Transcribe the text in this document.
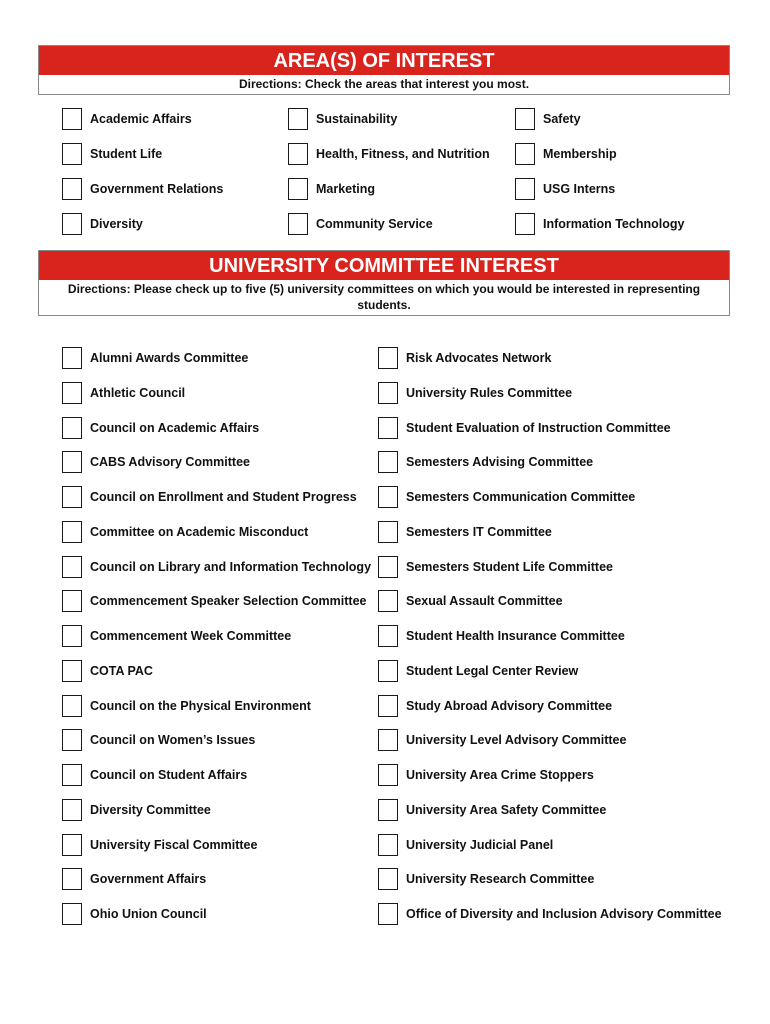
AREA(S) OF INTEREST
Directions: Check the areas that interest you most.
Academic Affairs	Sustainability	Safety
Student Life	Health, Fitness, and Nutrition	Membership
Government Relations	Marketing	USG Interns
Diversity	Community Service	Information Technology
UNIVERSITY COMMITTEE INTEREST
Directions: Please check up to five (5) university committees on which you would be interested in representing students.
Alumni Awards Committee	Risk Advocates Network
Athletic Council	University Rules Committee
Council on Academic Affairs	Student Evaluation of Instruction Committee
CABS Advisory Committee	Semesters Advising Committee
Council on Enrollment and Student Progress	Semesters Communication Committee
Committee on Academic Misconduct	Semesters IT Committee
Council on Library and Information Technology	Semesters Student Life Committee
Commencement Speaker Selection Committee	Sexual Assault Committee
Commencement Week Committee	Student Health Insurance Committee
COTA PAC	Student Legal Center Review
Council on the Physical Environment	Study Abroad Advisory Committee
Council on Women’s Issues	University Level Advisory Committee
Council on Student Affairs	University Area Crime Stoppers
Diversity Committee	University Area Safety Committee
University Fiscal Committee	University Judicial Panel
Government Affairs	University Research Committee
Ohio Union Council	Office of Diversity and Inclusion Advisory Committee
